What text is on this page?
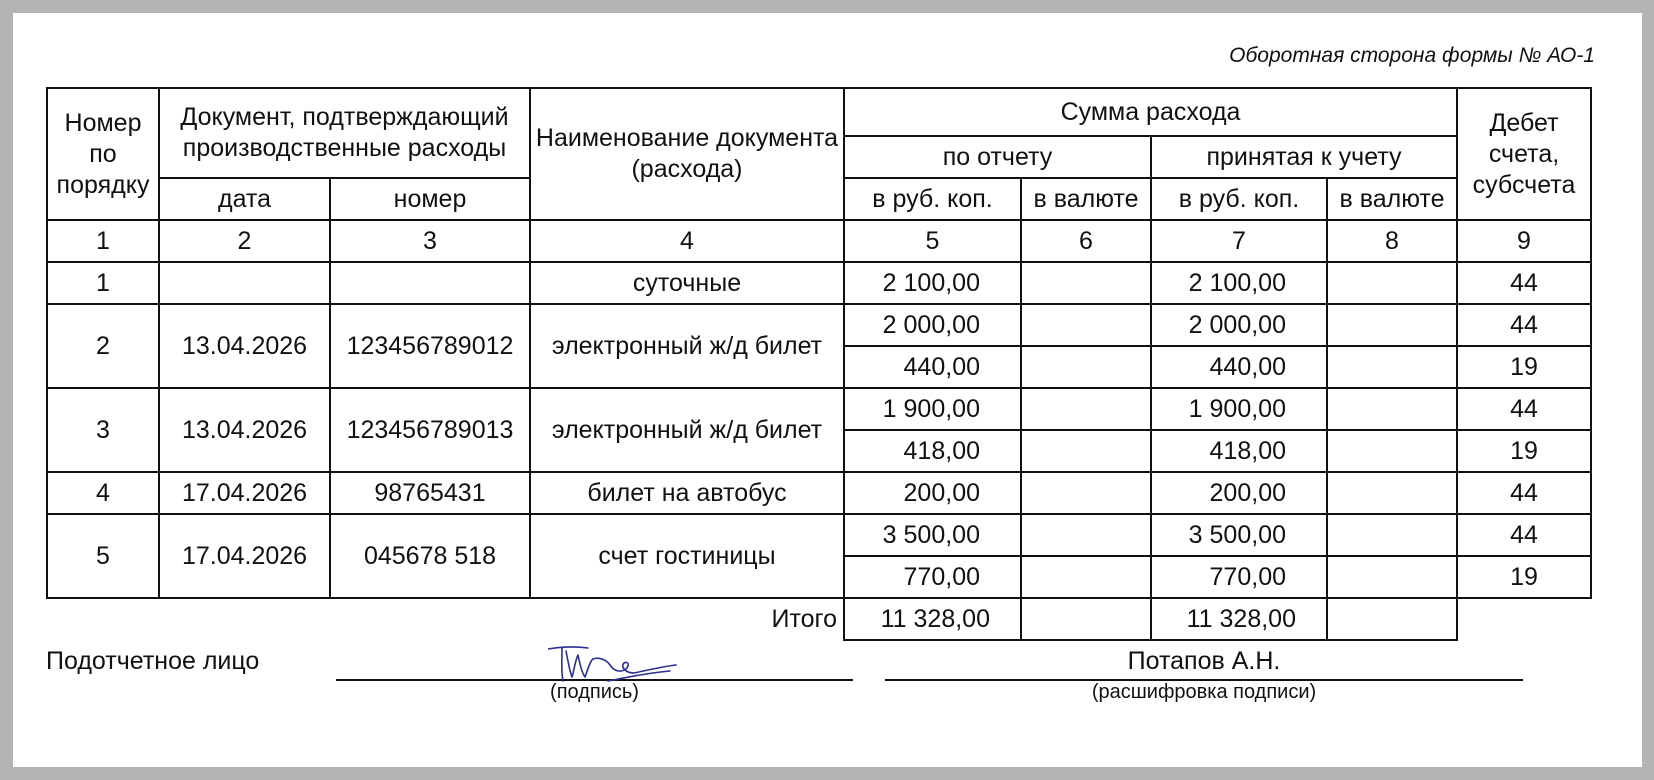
Оборотная сторона формы № АО-1
Номер по порядку	Документ, подтверждающий производственные расходы		Наименование документа (расхода)	Сумма расхода				Дебет счета, субсчета
				по отчету		принятая к учету		
	дата	номер		в руб. коп.	в валюте	в руб. коп.	в валюте	
1	2	3	4	5	6	7	8	9
1			суточные	2 100,00		2 100,00		44
2	13.04.2026	123456789012	электронный ж/д билет	2 000,00		2 000,00		44
				440,00		440,00		19
3	13.04.2026	123456789013	электронный ж/д билет	1 900,00		1 900,00		44
				418,00		418,00		19
4	17.04.2026	98765431	билет на автобус	200,00		200,00		44
5	17.04.2026	045678 518	счет гостиницы	3 500,00		3 500,00		44
				770,00		770,00		19
Итого				11 328,00		11 328,00		
Подотчетное лицо
(подпись)
Потапов А.Н.
(расшифровка подписи)
